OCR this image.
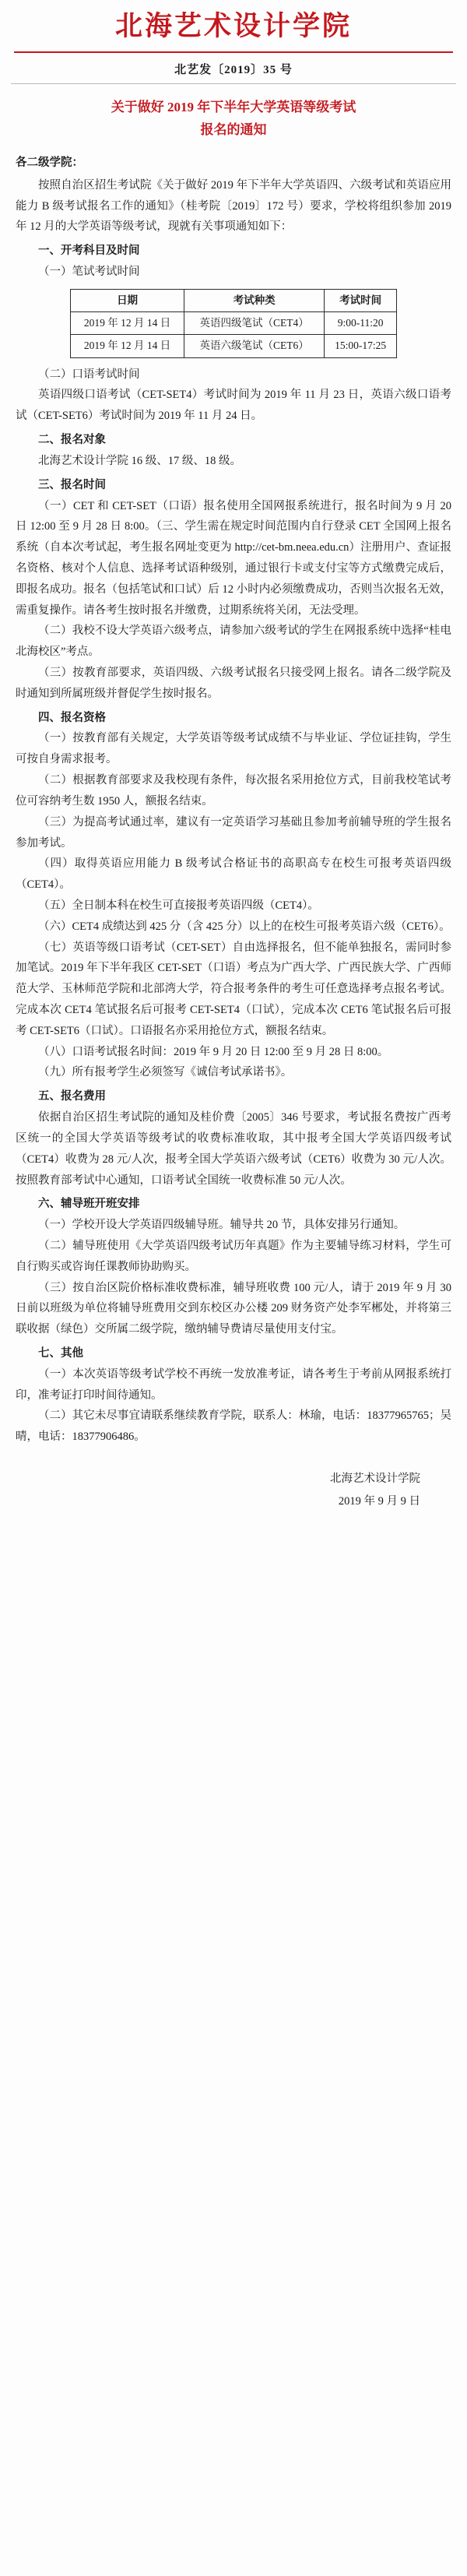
北海艺术设计学院
北艺发〔2019〕35 号
关于做好 2019 年下半年大学英语等级考试
报名的通知
各二级学院：

按照自治区招生考试院《关于做好 2019 年下半年大学英语四、六级考试和英语应用能力 B 级考试报名工作的通知》（桂考院〔2019〕172 号）要求，学校将组织参加 2019 年 12 月的大学英语等级考试，现就有关事项通知如下：

一、开考科目及时间

（一）笔试考试时间

日期	考试种类	考试时间
2019 年 12 月 14 日	英语四级笔试（CET4）	9:00-11:20
2019 年 12 月 14 日	英语六级笔试（CET6）	15:00-17:25

（二）口语考试时间

英语四级口语考试（CET-SET4）考试时间为 2019 年 11 月 23 日，英语六级口语考试（CET-SET6）考试时间为 2019 年 11 月 24 日。

二、报名对象

北海艺术设计学院 16 级、17 级、18 级。

三、报名时间

（一）CET 和 CET-SET（口语）报名使用全国网报系统进行，报名时间为 9 月 20 日 12:00 至 9 月 28 日 8:00。（三、学生需在规定时间范围内自行登录 CET 全国网上报名系统（自本次考试起，考生报名网址变更为 http://cet-bm.neea.edu.cn）注册用户、查证报名资格、核对个人信息、选择考试语种级别，通过银行卡或支付宝等方式缴费完成后，即报名成功。报名（包括笔试和口试）后 12 小时内必须缴费成功，否则当次报名无效，需重复操作。请各考生按时报名并缴费，过期系统将关闭，无法受理。

（二）我校不设大学英语六级考点，请参加六级考试的学生在网报系统中选择“桂电北海校区”考点。

（三）按教育部要求，英语四级、六级考试报名只接受网上报名。请各二级学院及时通知到所属班级并督促学生按时报名。

四、报名资格

（一）按教育部有关规定，大学英语等级考试成绩不与毕业证、学位证挂钩，学生可按自身需求报考。

（二）根据教育部要求及我校现有条件，每次报名采用抢位方式，目前我校笔试考位可容纳考生数 1950 人，额报名结束。

（三）为提高考试通过率，建议有一定英语学习基础且参加考前辅导班的学生报名参加考试。

（四）取得英语应用能力 B 级考试合格证书的高职高专在校生可报考英语四级（CET4）。

（五）全日制本科在校生可直接报考英语四级（CET4）。

（六）CET4 成绩达到 425 分（含 425 分）以上的在校生可报考英语六级（CET6）。

（七）英语等级口语考试（CET-SET）自由选择报名，但不能单独报名，需同时参加笔试。2019 年下半年我区 CET-SET（口语）考点为广西大学、广西民族大学、广西师范大学、玉林师范学院和北部湾大学，符合报考条件的考生可任意选择考点报名考试。完成本次 CET4 笔试报名后可报考 CET-SET4（口试），完成本次 CET6 笔试报名后可报考 CET-SET6（口试）。口语报名亦采用抢位方式，额报名结束。

（八）口语考试报名时间：2019 年 9 月 20 日 12:00 至 9 月 28 日 8:00。

（九）所有报考学生必须签写《诚信考试承诺书》。

五、报名费用

依据自治区招生考试院的通知及桂价费〔2005〕346 号要求，考试报名费按广西考区统一的全国大学英语等级考试的收费标准收取，其中报考全国大学英语四级考试（CET4）收费为 28 元/人次，报考全国大学英语六级考试（CET6）收费为 30 元/人次。按照教育部考试中心通知，口语考试全国统一收费标准 50 元/人次。

六、辅导班开班安排

（一）学校开设大学英语四级辅导班。辅导共 20 节，具体安排另行通知。

（二）辅导班使用《大学英语四级考试历年真题》作为主要辅导练习材料，学生可自行购买或咨询任课教师协助购买。

（三）按自治区院价格标准收费标准，辅导班收费 100 元/人，请于 2019 年 9 月 30 日前以班级为单位将辅导班费用交到东校区办公楼 209 财务资产处李军郴处，并将第三联收据（绿色）交所属二级学院，缴纳辅导费请尽量使用支付宝。

七、其他

（一）本次英语等级考试学校不再统一发放准考证，请各考生于考前从网报系统打印，准考证打印时间待通知。

（二）其它未尽事宜请联系继续教育学院，联系人：林瑜，电话：18377965765；吴晴，电话：18377906486。

北海艺术设计学院
2019 年 9 月 9 日
